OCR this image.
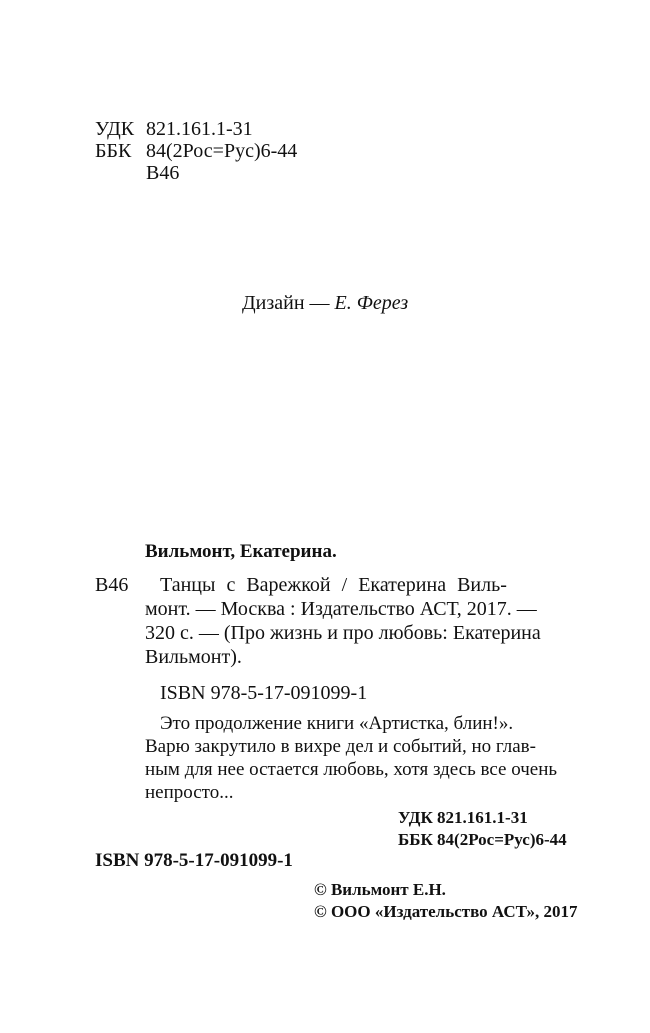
УДК 821.161.1-31
ББК 84(2Рос=Рус)6-44
В46
Дизайн — Е. Ферез
Вильмонт, Екатерина.
В46 Танцы с Варежкой / Екатерина Виль-
монт. — Москва : Издательство АСТ, 2017. —
320 с. — (Про жизнь и про любовь: Екатерина
Вильмонт).
ISBN 978-5-17-091099-1
Это продолжение книги «Артистка, блин!».
Варю закрутило в вихре дел и событий, но глав-
ным для нее остается любовь, хотя здесь все очень
непросто...
УДК 821.161.1-31
ББК 84(2Рос=Рус)6-44
ISBN 978-5-17-091099-1
© Вильмонт Е.Н.
© ООО «Издательство АСТ», 2017
